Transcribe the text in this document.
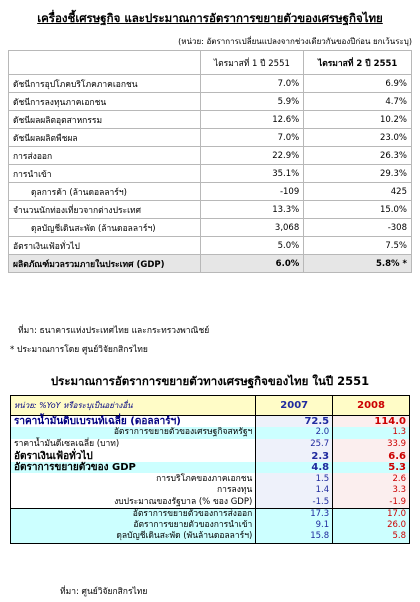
เครื่องชี้เศรษฐกิจ และประมาณการอัตราการขยายตัวของเศรษฐกิจไทย
(หน่วย: อัตราการเปลี่ยนแปลงจากช่วงเดียวกันของปีก่อน ยกเว้นระบุ)
	ไตรมาสที่ 1 ปี 2551	ไตรมาสที่ 2 ปี 2551
ดัชนีการอุปโภคบริโภคภาคเอกชน	7.0%	6.9%
ดัชนีการลงทุนภาคเอกชน	5.9%	4.7%
ดัชนีผลผลิตอุตสาหกรรม	12.6%	10.2%
ดัชนีผลผลิตพืชผล	7.0%	23.0%
การส่งออก	22.9%	26.3%
การนำเข้า	35.1%	29.3%
ดุลการค้า (ล้านดอลลาร์ฯ)	-109	425
จำนวนนักท่องเที่ยวจากต่างประเทศ	13.3%	15.0%
ดุลบัญชีเดินสะพัด (ล้านดอลลาร์ฯ)	3,068	-308
อัตราเงินเฟ้อทั่วไป	5.0%	7.5%
ผลิตภัณฑ์มวลรวมภายในประเทศ (GDP)	6.0%	5.8% *
ที่มา: ธนาคารแห่งประเทศไทย และกระทรวงพาณิชย์
* ประมาณการโดย ศูนย์วิจัยกสิกรไทย
ประมาณการอัตราการขยายตัวทางเศรษฐกิจของไทย ในปี 2551
หน่วย: %YoY หรือระบุเป็นอย่างอื่น	2007	2008
ราคาน้ำมันดิบเบรนท์เฉลี่ย (ดอลลาร์ฯ)	72.5	114.0
อัตราการขยายตัวของเศรษฐกิจสหรัฐฯ	2.0	1.3
ราคาน้ำมันดีเซลเฉลี่ย (บาท)	25.7	33.9
อัตราเงินเฟ้อทั่วไป	2.3	6.6
อัตราการขยายตัวของ GDP	4.8	5.3
การบริโภคของภาคเอกชน	1.5	2.6
การลงทุน	1.4	3.3
งบประมาณของรัฐบาล (% ของ GDP)	-1.5	-1.9
อัตราการขยายตัวของการส่งออก	17.3	17.0
อัตราการขยายตัวของการนำเข้า	9.1	26.0
ดุลบัญชีเดินสะพัด (พันล้านดอลลาร์ฯ)	15.8	5.8
ที่มา: ศูนย์วิจัยกสิกรไทย
